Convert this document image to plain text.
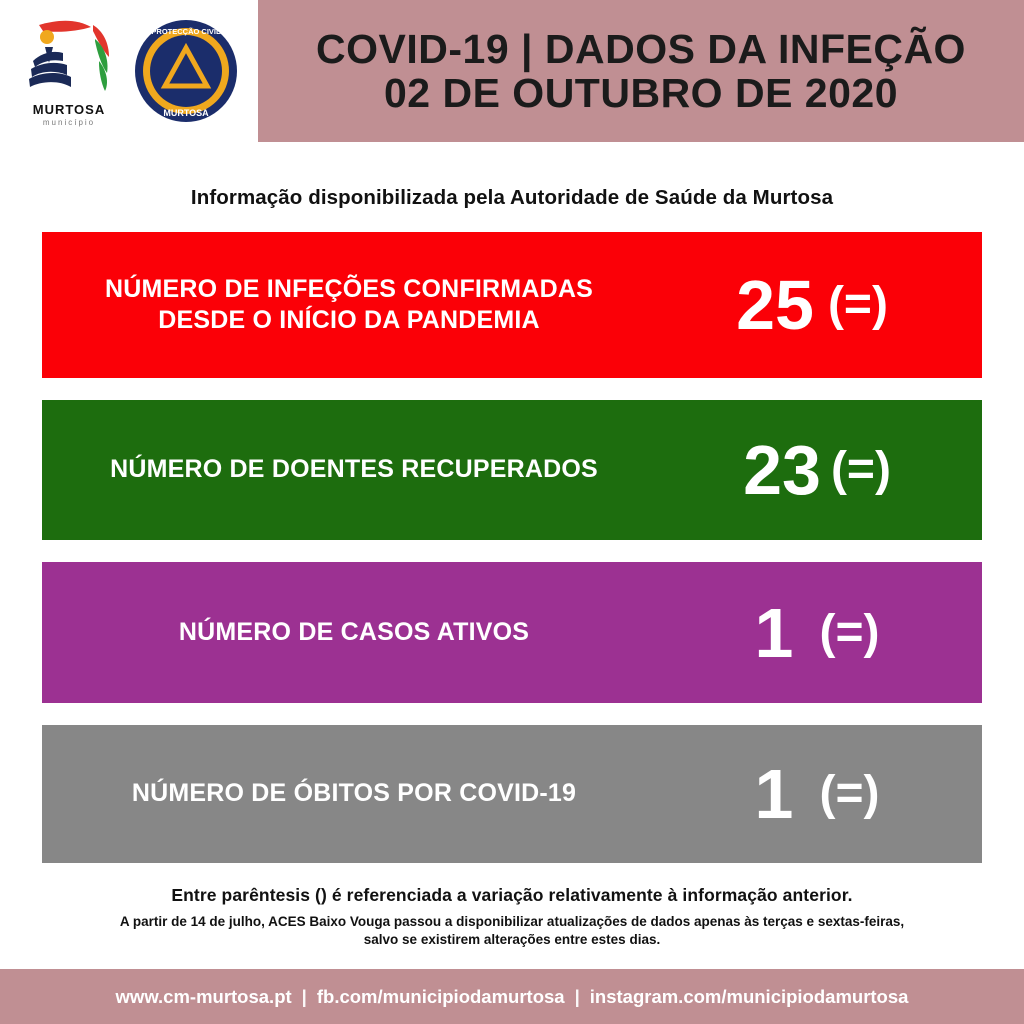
MURTOSA
município
PROTECÇÃO CIVIL
MURTOSA
COVID-19 | DADOS DA INFEÇÃO
02 DE OUTUBRO DE 2020
Informação disponibilizada pela Autoridade de Saúde da Murtosa
NÚMERO DE INFEÇÕES CONFIRMADAS
DESDE O INÍCIO DA PANDEMIA	25 (=)
NÚMERO DE DOENTES RECUPERADOS	23 (=)
NÚMERO DE CASOS ATIVOS	1 (=)
NÚMERO DE ÓBITOS POR COVID-19	1 (=)
Entre parêntesis () é referenciada a variação relativamente à informação anterior.
A partir de 14 de julho, ACES Baixo Vouga passou a disponibilizar atualizações de dados apenas às terças e sextas-feiras,
salvo se existirem alterações entre estes dias.
www.cm-murtosa.pt | fb.com/municipiodamurtosa | instagram.com/municipiodamurtosa
